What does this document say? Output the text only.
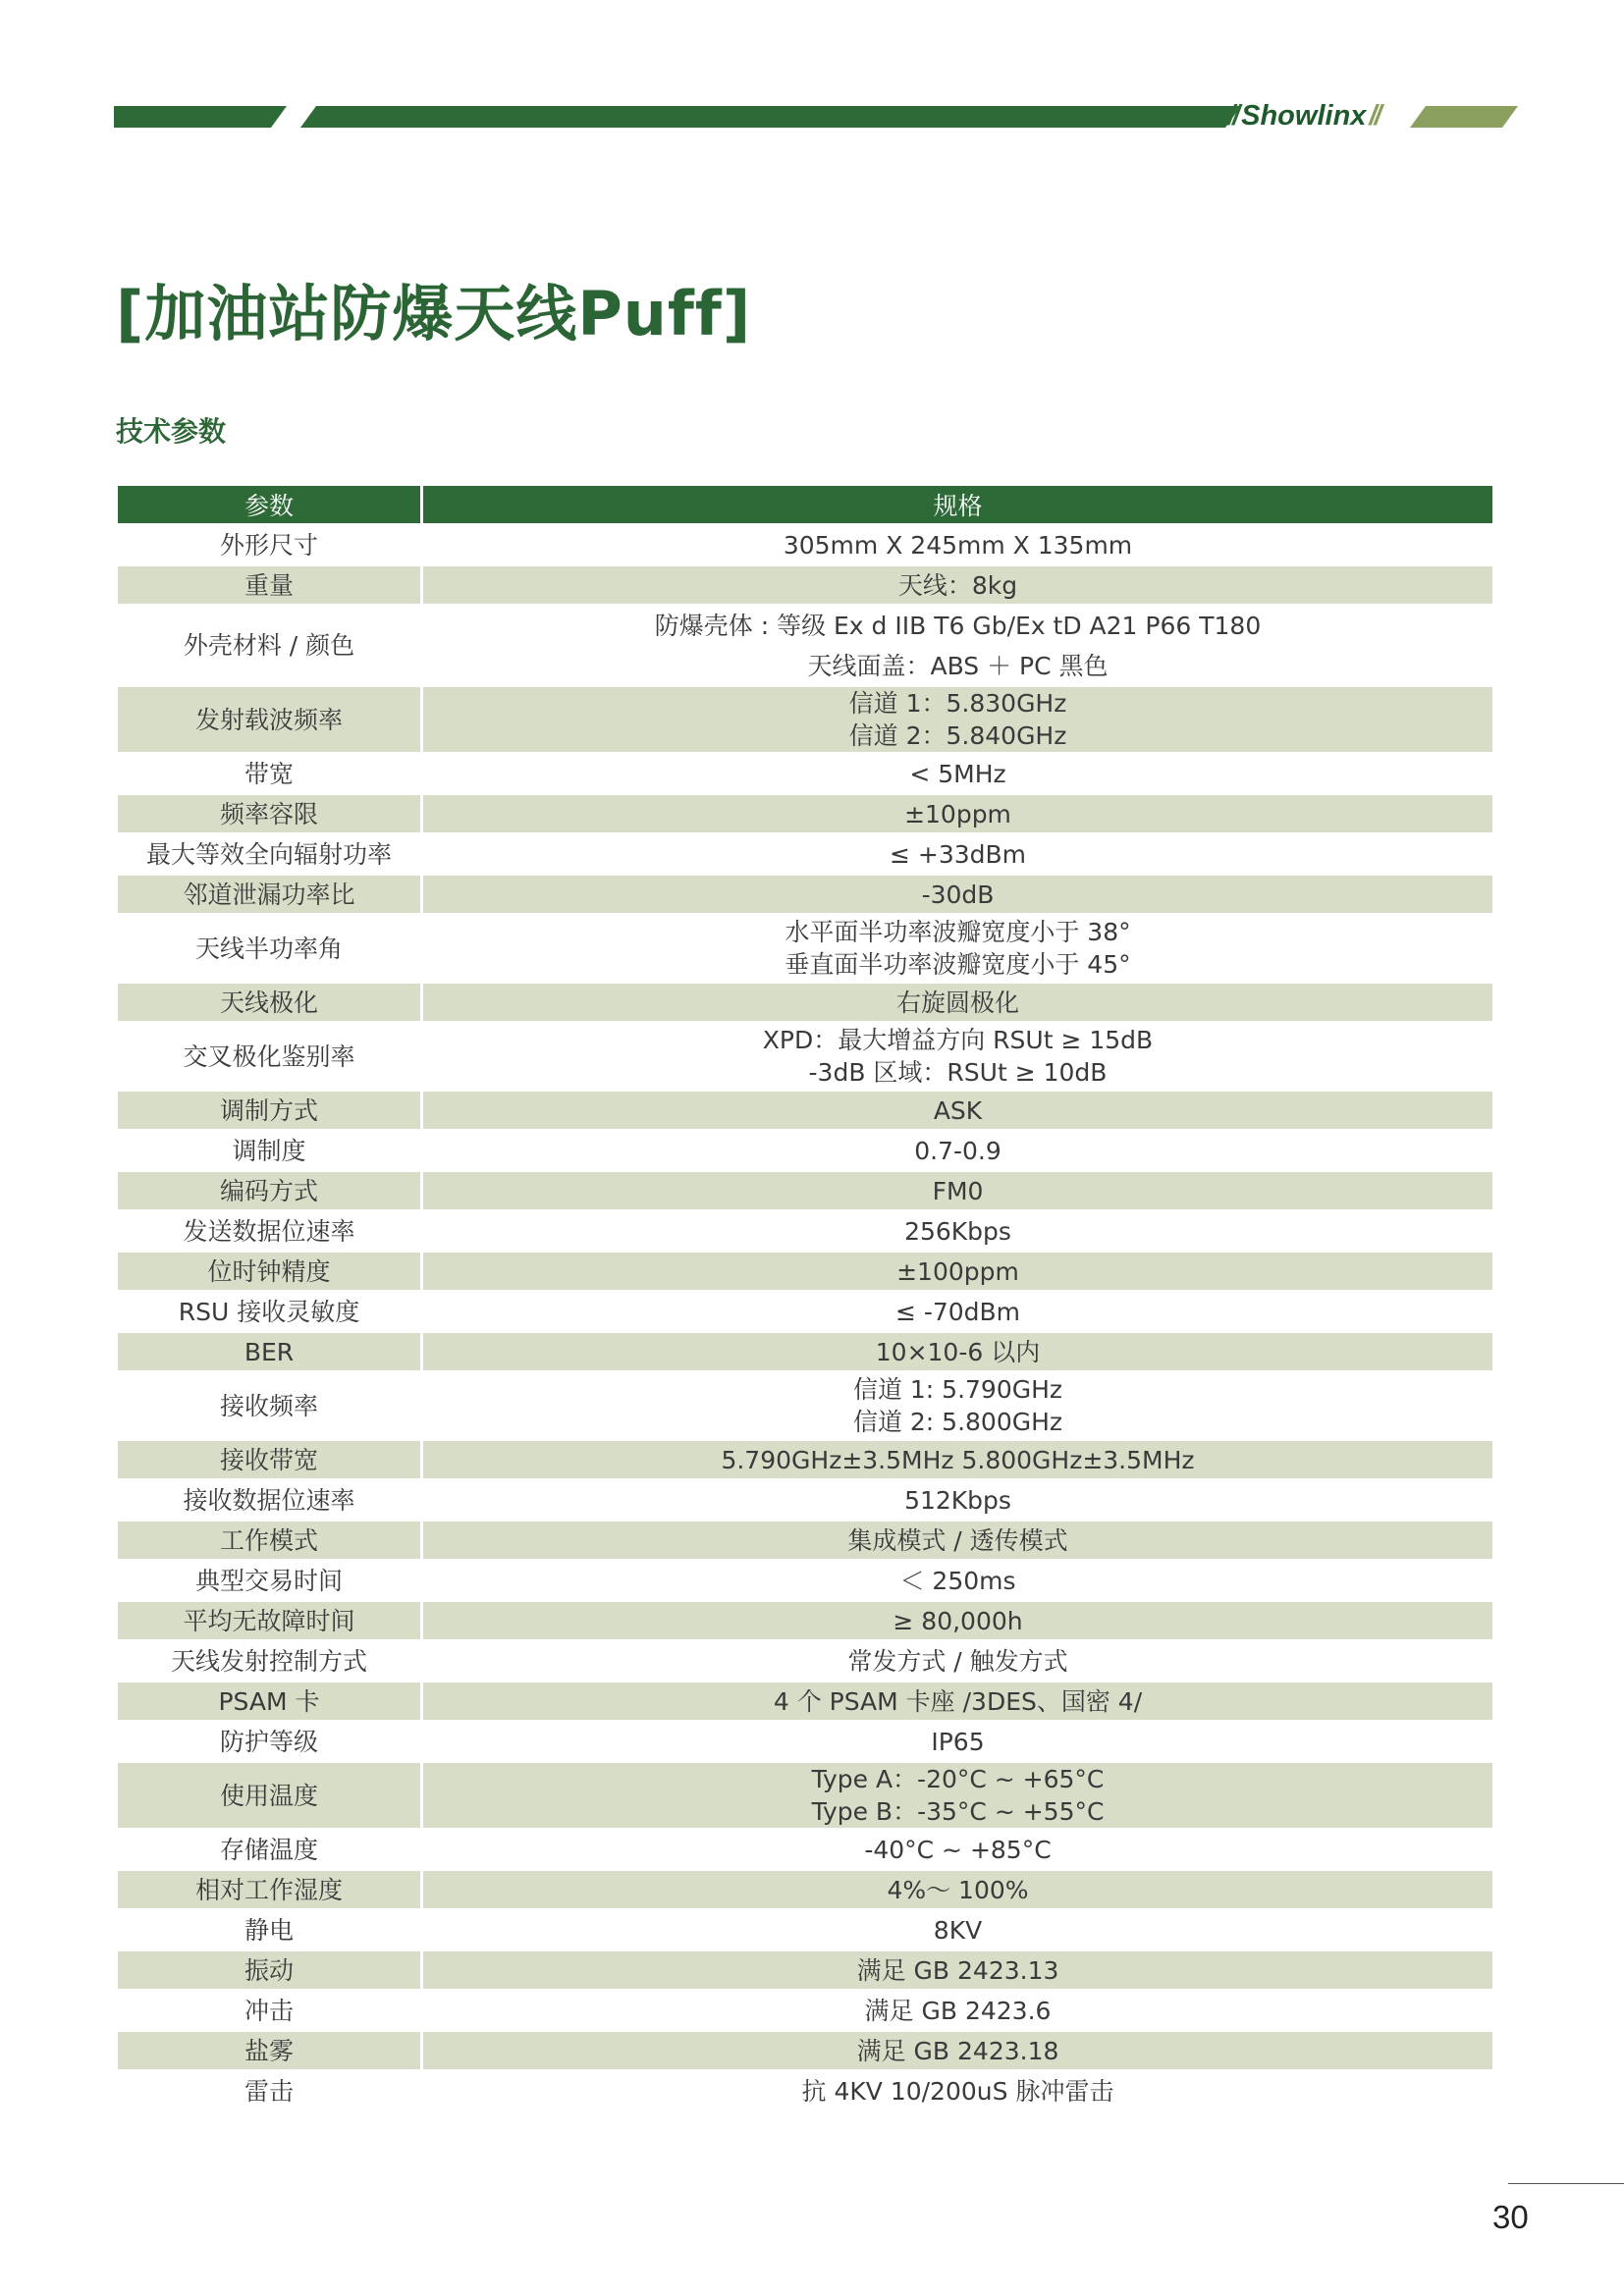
// Showlinx //
[加油站防爆天线Puff]
技术参数
参数	规格
外形尺寸	305mm X 245mm X 135mm

重量	天线：8kg

外壳材料 / 颜色	防爆壳体 : 等级 Ex d IIB T6 Gb/Ex tD A21 P66 T180
	天线面盖：ABS ＋ PC 黑色
发射载波频率	信道 1：5.830GHz
信道 2：5.840GHz

带宽	< 5MHz

频率容限	±10ppm

最大等效全向辐射功率	≤ +33dBm

邻道泄漏功率比	-30dB

天线半功率角	水平面半功率波瓣宽度小于 38°
垂直面半功率波瓣宽度小于 45°

天线极化	右旋圆极化

交叉极化鉴别率	XPD：最大增益方向 RSUt ≥ 15dB
-3dB 区域：RSUt ≥ 10dB

调制方式	ASK

调制度	0.7-0.9

编码方式	FM0

发送数据位速率	256Kbps

位时钟精度	±100ppm

RSU 接收灵敏度	≤ -70dBm

BER	10×10-6 以内

接收频率	信道 1: 5.790GHz
信道 2: 5.800GHz

接收带宽	5.790GHz±3.5MHz 5.800GHz±3.5MHz

接收数据位速率	512Kbps

工作模式	集成模式 / 透传模式

典型交易时间	＜ 250ms

平均无故障时间	≥ 80,000h

天线发射控制方式	常发方式 / 触发方式

PSAM 卡	4 个 PSAM 卡座 /3DES、国密 4/

防护等级	IP65

使用温度	Type A：-20°C ~ +65°C
Type B：-35°C ~ +55°C

存储温度	-40°C ~ +85°C

相对工作湿度	4%～ 100%

静电	8KV

振动	满足 GB 2423.13

冲击	满足 GB 2423.6

盐雾	满足 GB 2423.18

雷击	抗 4KV 10/200uS 脉冲雷击
30
